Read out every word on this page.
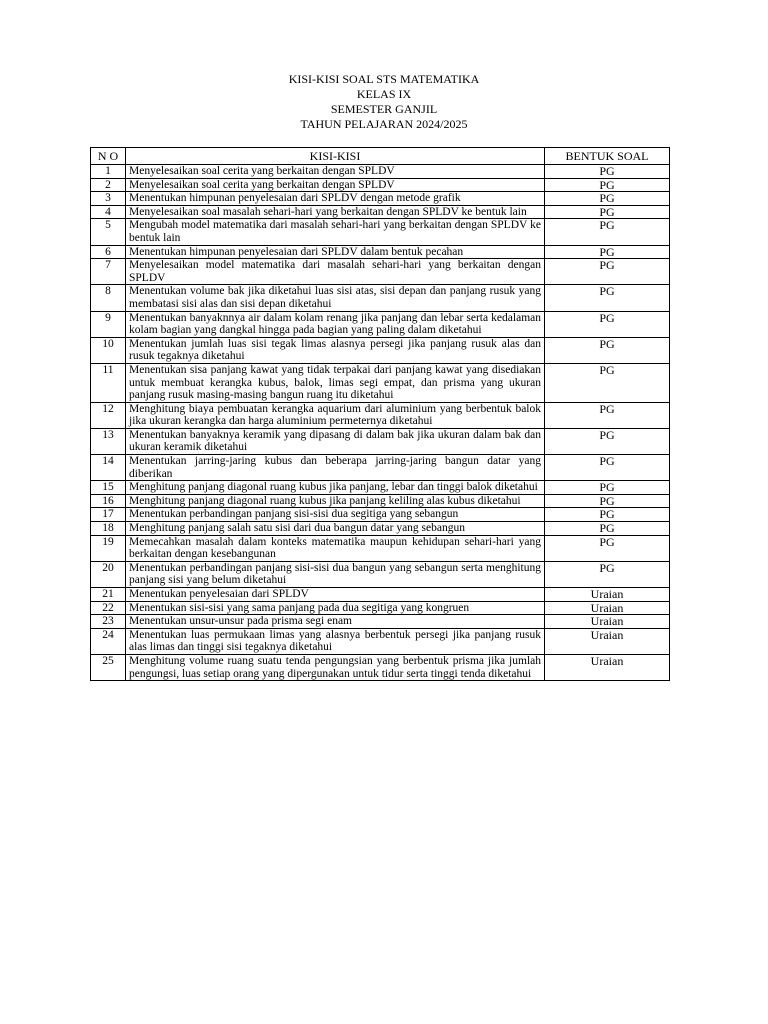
KISI-KISI SOAL STS MATEMATIKA
KELAS IX
SEMESTER GANJIL
TAHUN PELAJARAN 2024/2025
N O	KISI-KISI	BENTUK SOAL
1	Menyelesaikan soal cerita yang berkaitan dengan SPLDV	PG
2	Menyelesaikan soal cerita yang berkaitan dengan SPLDV	PG
3	Menentukan himpunan penyelesaian dari SPLDV dengan metode grafik	PG
4	Menyelesaikan soal masalah sehari-hari yang berkaitan dengan SPLDV ke bentuk lain	PG
5	Mengubah model matematika dari masalah sehari-hari yang berkaitan dengan SPLDV ke bentuk lain	PG
6	Menentukan himpunan penyelesaian dari SPLDV dalam bentuk pecahan	PG
7	Menyelesaikan model matematika dari masalah sehari-hari yang berkaitan dengan SPLDV	PG
8	Menentukan volume bak jika diketahui luas sisi atas, sisi depan dan panjang rusuk yang membatasi sisi alas dan sisi depan diketahui	PG
9	Menentukan banyaknnya air dalam kolam renang jika panjang dan lebar serta kedalaman kolam bagian yang dangkal hingga pada bagian yang paling dalam diketahui	PG
10	Menentukan jumlah luas sisi tegak limas alasnya persegi jika panjang rusuk alas dan rusuk tegaknya diketahui	PG
11	Menentukan sisa panjang kawat yang tidak terpakai dari panjang kawat yang disediakan untuk membuat kerangka kubus, balok, limas segi empat, dan prisma yang ukuran panjang rusuk masing-masing bangun ruang itu diketahui	PG
12	Menghitung biaya pembuatan kerangka aquarium dari aluminium yang berbentuk balok jika ukuran kerangka dan harga aluminium permeternya diketahui	PG
13	Menentukan banyaknya keramik yang dipasang di dalam bak jika ukuran dalam bak dan ukuran keramik diketahui	PG
14	Menentukan jarring-jaring kubus dan beberapa jarring-jaring bangun datar yang diberikan	PG
15	Menghitung panjang diagonal ruang kubus jika panjang, lebar dan tinggi balok diketahui	PG
16	Menghitung panjang diagonal ruang kubus jika panjang keliling alas kubus diketahui	PG
17	Menentukan perbandingan panjang sisi-sisi dua segitiga yang sebangun	PG
18	Menghitung panjang salah satu sisi dari dua bangun datar yang sebangun	PG
19	Memecahkan masalah dalam konteks matematika maupun kehidupan sehari-hari yang berkaitan dengan kesebangunan	PG
20	Menentukan perbandingan panjang sisi-sisi dua bangun yang sebangun serta menghitung panjang sisi yang belum diketahui	PG
21	Menentukan penyelesaian dari SPLDV	Uraian
22	Menentukan sisi-sisi yang sama panjang pada dua segitiga yang kongruen	Uraian
23	Menentukan unsur-unsur pada prisma segi enam	Uraian
24	Menentukan luas permukaan limas yang alasnya berbentuk persegi jika panjang rusuk alas limas dan tinggi sisi tegaknya diketahui	Uraian
25	Menghitung volume ruang suatu tenda pengungsian yang berbentuk prisma jika jumlah pengungsi, luas setiap orang yang dipergunakan untuk tidur serta tinggi tenda diketahui	Uraian
